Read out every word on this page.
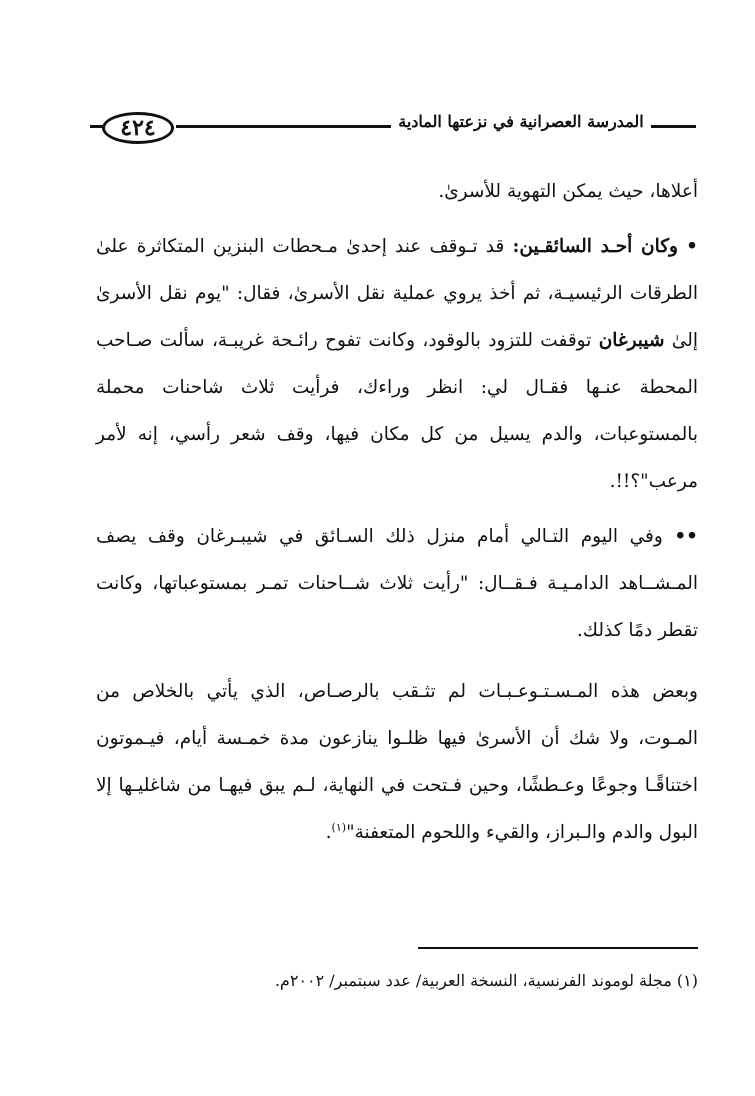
٤٢٤	المدرسة العصرانية في نزعتها المادية

أعلاها، حيث يمكن التهوية للأسرىٰ.

• وكان أحـد السائقـين: قد تـوقف عند إحدىٰ مـحطات البنزين المتكاثرة علىٰ الطرقات الرئيسيـة، ثم أخذ يروي عملية نقل الأسرىٰ، فقال: "يوم نقل الأسرىٰ إلىٰ شيبرغان توقفت للتزود بالوقود، وكانت تفوح رائـحة غريبـة، سألت صـاحب المحطة عنـها فقـال لي: انظر وراءك، فرأيت ثلاث شاحنات محملة بالمستوعبات، والدم يسيل من كل مكان فيها، وقف شعر رأسي، إنه لأمر مرعب"؟!!.

•• وفي اليوم التـالي أمام منزل ذلك السـائق في شيبـرغان وقف يصف المـشــاهد الدامـيـة فـقــال: "رأيت ثلاث شــاحنات تمـر بمستوعباتها، وكانت تقطر دمًا كذلك.

وبعض هذه المـسـتـوعـبـات لم تثـقب بالرصـاص، الذي يأتي بالخلاص من المـوت، ولا شك أن الأسرىٰ فيها ظلـوا ينازعون مدة خمـسة أيام، فيـموتون اختناقًـا وجوعًا وعـطشًا، وحين فـتحت في النهاية، لـم يبق فيهـا من شاغليـها إلا البول والدم والـبراز، والقيء واللحوم المتعفنة"$^{(١)}$.

(١) مجلة لوموند الفرنسية، النسخة العربية/ عدد سبتمبر/ ٢٠٠٢م.
